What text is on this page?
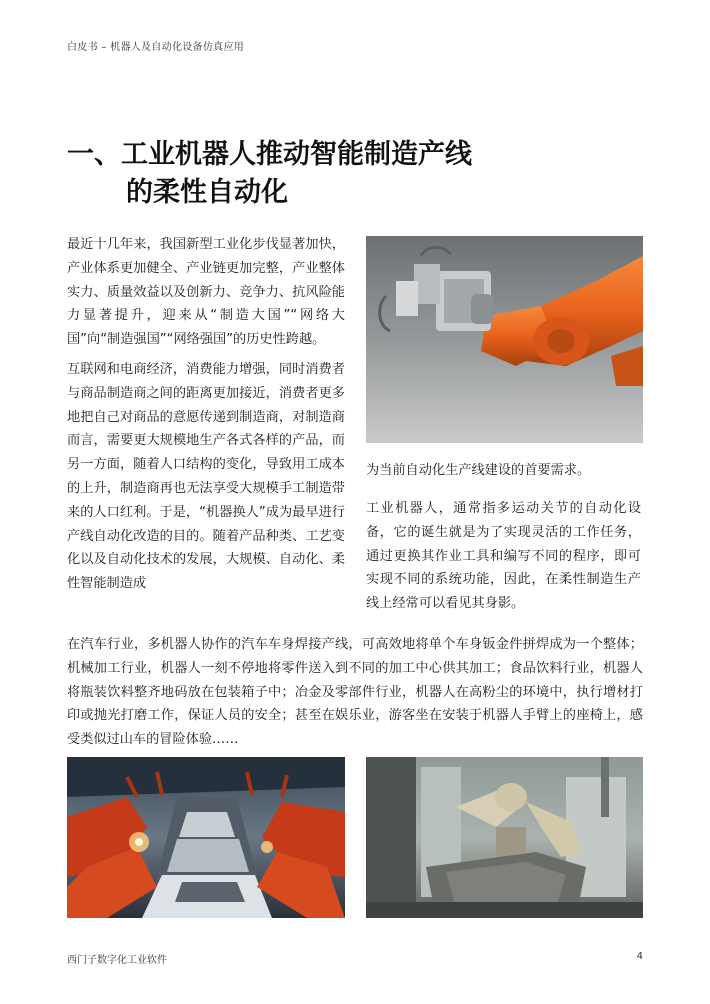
白皮书 – 机器人及自动化设备仿真应用
一、工业机器人推动智能制造产线
的柔性自动化

最近十几年来，我国新型工业化步伐显著加快，产业体系更加健全、产业链更加完整，产业整体实力、质量效益以及创新力、竞争力、抗风险能力显著提升，迎来从“制造大国”“网络大国”向“制造强国”“网络强国”的历史性跨越。

互联网和电商经济，消费能力增强，同时消费者与商品制造商之间的距离更加接近，消费者更多地把自己对商品的意愿传递到制造商，对制造商而言，需要更大规模地生产各式各样的产品，而另一方面，随着人口结构的变化，导致用工成本的上升，制造商再也无法享受大规模手工制造带来的人口红利。于是，“机器换人”成为最早进行产线自动化改造的目的。随着产品种类、工艺变化以及自动化技术的发展，大规模、自动化、柔性智能制造成

为当前自动化生产线建设的首要需求。

工业机器人，通常指多运动关节的自动化设备，它的诞生就是为了实现灵活的工作任务，通过更换其作业工具和编写不同的程序，即可实现不同的系统功能，因此，在柔性制造生产线上经常可以看见其身影。

在汽车行业，多机器人协作的汽车车身焊接产线，可高效地将单个车身钣金件拼焊成为一个整体；机械加工行业，机器人一刻不停地将零件送入到不同的加工中心供其加工；食品饮料行业，机器人将瓶装饮料整齐地码放在包装箱子中；冶金及零部件行业，机器人在高粉尘的环境中，执行增材打印或抛光打磨工作，保证人员的安全；甚至在娱乐业，游客坐在安装于机器人手臂上的座椅上，感受类似过山车的冒险体验……

西门子数字化工业软件	4
